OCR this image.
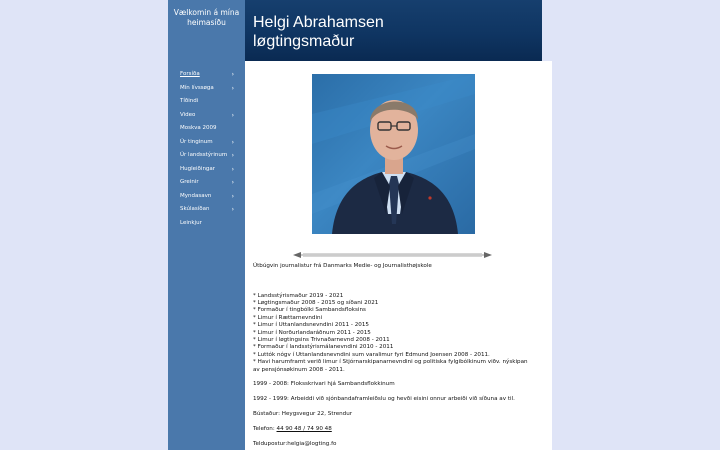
Vælkomin á mína heimasíðu
Forsíða	›
Mín lívssøga	›
Tíðindi
Video	›
Moskva 2009
Úr tinginum	›
Úr landsstýrinum ›
Hugleiðingar	›
Greinir	›
Myndasavn	›
Skúlasíðan	›
Leinkjur
Helgi Abrahamsen
løgtingsmaður

Útbúgvin journalistur frá Danmarks Medie- og Journalisthøjskole

* Landsstýrismaður 2019 - 2021

* Løgtingsmaður 2008 - 2015 og síðani 2021

* Formaður í tingbólki Sambandsfloksins

* Limur í Rættarnevndini

* Limur í Uttanlandsnevndini 2011 - 2015

* Limur í Norðurlandaráðnum 2011 - 2015

* Limur í løgtingsins Trivnaðarnevnd 2008 - 2011

* Formaður í landsstýrismálanevndini 2010 - 2011

* Luttók nógv í Uttanlandsnevndini sum varalimur fyri Edmund Joensen 2008 - 2011.

* Havi harumframt verið limur í Stjórnarskipanarnevndini og politiska fylgibólkinum viðv. nýskipan av pensjónsøkinum 2008 - 2011.

1999 - 2008: Floksskrivari hjá Sambandsflokkinum

1992 - 1999: Arbeiddi við sjónbandaframleiðslu og hevði eisini onnur arbeiði við síðuna av til.

Bústaður: Heygsvegur 22, Strendur

Telefon: 44 90 48 / 74 90 48

Teldupostur:helgia@logting.fo
